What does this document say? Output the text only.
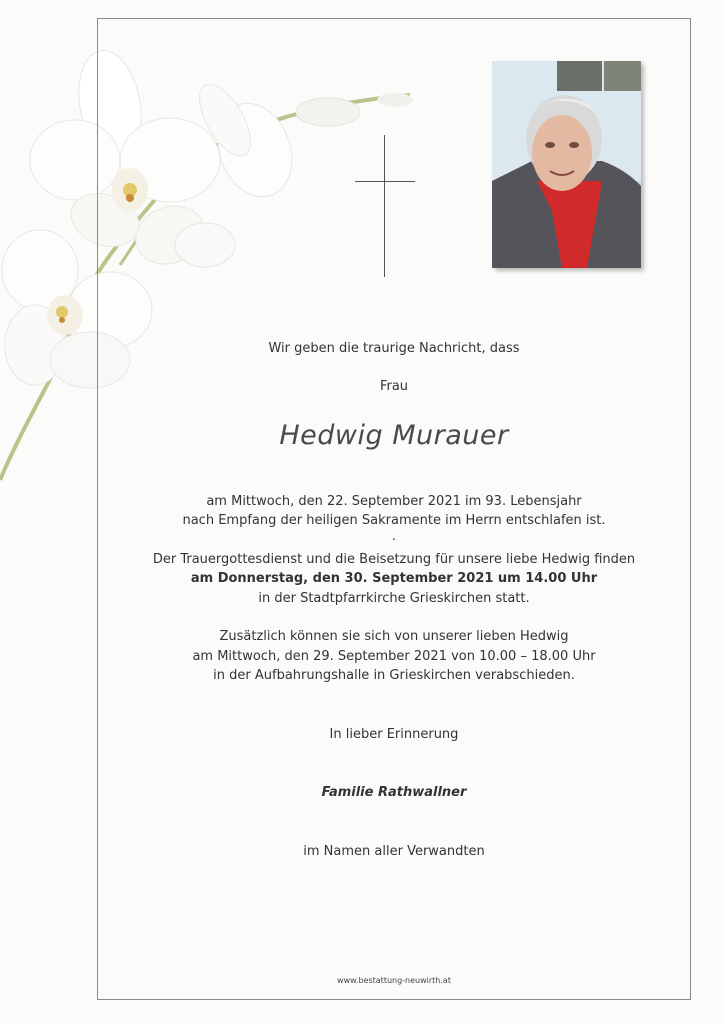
Wir geben die traurige Nachricht, dass
Frau
Hedwig Murauer
am Mittwoch, den 22. September 2021 im 93. Lebensjahr
nach Empfang der heiligen Sakramente im Herrn entschlafen ist.
.
Der Trauergottesdienst und die Beisetzung für unsere liebe Hedwig finden
am Donnerstag, den 30. September 2021 um 14.00 Uhr
in der Stadtpfarrkirche Grieskirchen statt.
Zusätzlich können sie sich von unserer lieben Hedwig
am Mittwoch, den 29. September 2021 von 10.00 – 18.00 Uhr
in der Aufbahrungshalle in Grieskirchen verabschieden.
In lieber Erinnerung
Familie Rathwallner
im Namen aller Verwandten
www.bestattung-neuwirth.at
